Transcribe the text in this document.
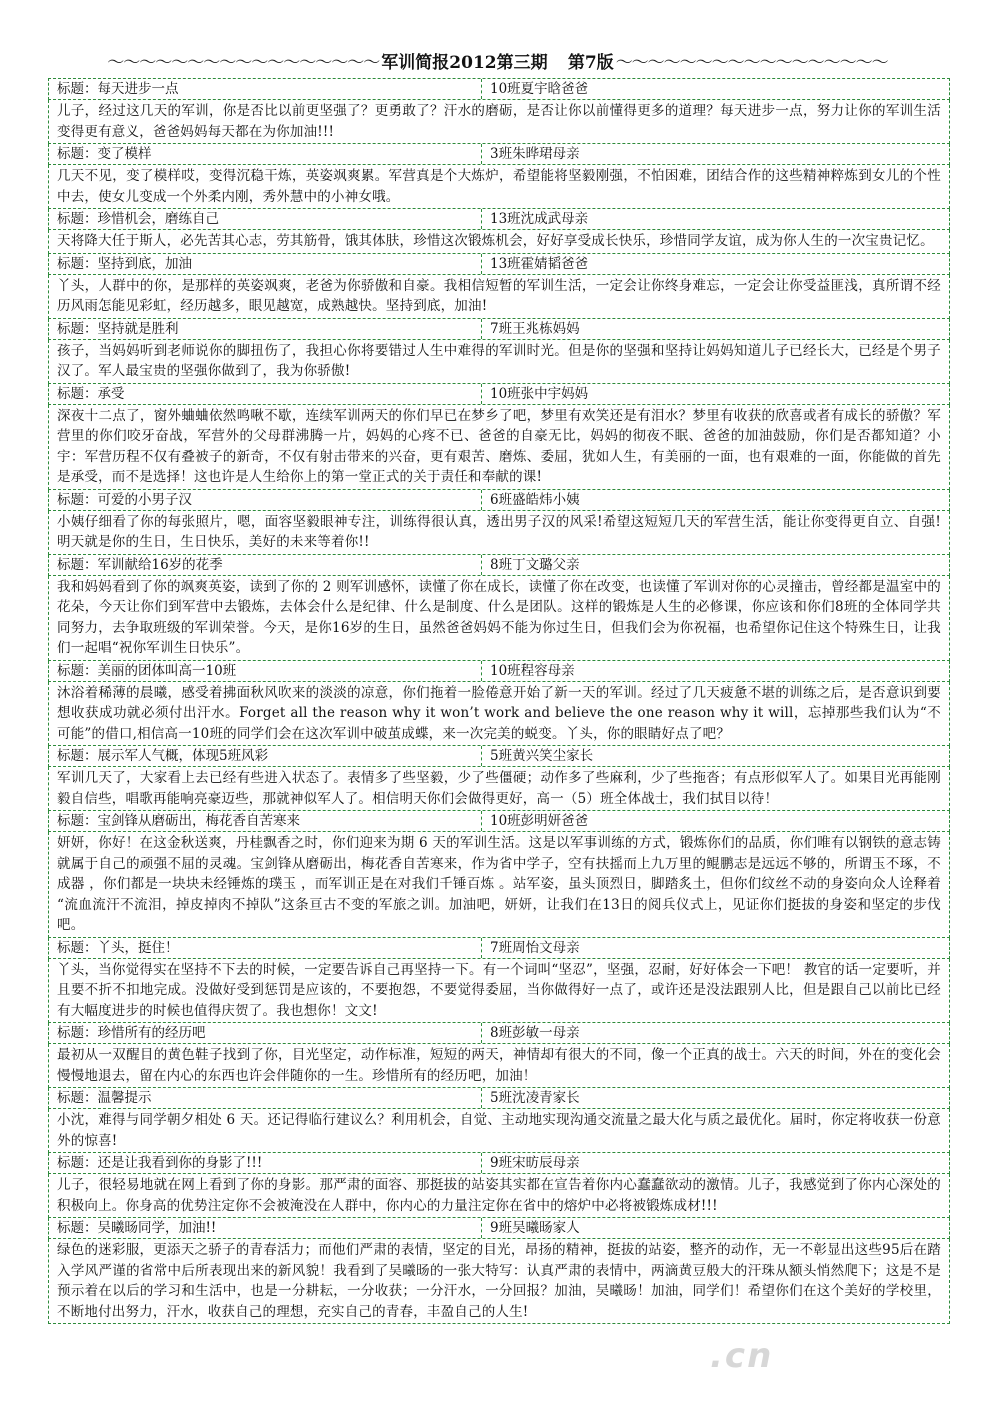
～～～～～～～～～～～～～～～～～ 军训简报2012第三期 第7版 ～～～～～～～～～～～～～～～～～
标题：每天进步一点	10班夏宇晗爸爸
儿子，经过这几天的军训，你是否比以前更坚强了？更勇敢了？汗水的磨砺，是否让你以前懂得更多的道理？每天进步一点，努力让你的军训生活变得更有意义，爸爸妈妈每天都在为你加油!!!
标题：变了模样	3班朱晔珺母亲
几天不见，变了模样哎，变得沉稳干炼，英姿飒爽累。军营真是个大炼炉，希望能将坚毅刚强，不怕困难，团结合作的这些精神粹炼到女儿的个性中去，使女儿变成一个外柔内刚，秀外慧中的小神女哦。
标题：珍惜机会，磨练自己	13班沈成武母亲
天将降大任于斯人，必先苦其心志，劳其筋骨，饿其体肤，珍惜这次锻炼机会，好好享受成长快乐，珍惜同学友谊，成为你人生的一次宝贵记忆。
标题：坚持到底，加油	13班霍婧韬爸爸
丫头，人群中的你，是那样的英姿飒爽，老爸为你骄傲和自豪。我相信短暂的军训生活，一定会让你终身难忘，一定会让你受益匪浅，真所谓不经历风雨怎能见彩虹，经历越多，眼见越宽，成熟越快。坚持到底，加油!
标题：坚持就是胜利	7班王兆栋妈妈
孩子，当妈妈听到老师说你的脚扭伤了，我担心你将要错过人生中难得的军训时光。但是你的坚强和坚持让妈妈知道儿子已经长大，已经是个男子汉了。军人最宝贵的坚强你做到了，我为你骄傲!
标题：承受	10班张中宇妈妈
深夜十二点了，窗外蛐蛐依然鸣啾不歇，连续军训两天的你们早已在梦乡了吧，梦里有欢笑还是有泪水？梦里有收获的欣喜或者有成长的骄傲？军营里的你们咬牙奋战，军营外的父母群沸腾一片，妈妈的心疼不已、爸爸的自豪无比，妈妈的彻夜不眠、爸爸的加油鼓励，你们是否都知道？小宇：军营历程不仅有叠被子的新奇，不仅有射击带来的兴奋，更有艰苦、磨炼、委屈，犹如人生，有美丽的一面，也有艰难的一面，你能做的首先是承受，而不是选择！这也许是人生给你上的第一堂正式的关于责任和奉献的课!
标题：可爱的小男子汉	6班盛皓炜小姨
小姨仔细看了你的每张照片，嗯，面容坚毅眼神专注，训练得很认真，透出男子汉的风采!希望这短短几天的军营生活，能让你变得更自立、自强!明天就是你的生日，生日快乐，美好的未来等着你!!
标题：军训献给16岁的花季	8班丁文璐父亲
我和妈妈看到了你的飒爽英姿，读到了你的 2 则军训感怀，读懂了你在成长，读懂了你在改变，也读懂了军训对你的心灵撞击，曾经都是温室中的花朵，今天让你们到军营中去锻炼，去体会什么是纪律、什么是制度、什么是团队。这样的锻炼是人生的必修课，你应该和你们8班的全体同学共同努力，去争取班级的军训荣誉。今天，是你16岁的生日，虽然爸爸妈妈不能为你过生日，但我们会为你祝福，也希望你记住这个特殊生日，让我们一起唱“祝你军训生日快乐”。
标题：美丽的团体叫高一10班	10班程容母亲
沐浴着稀薄的晨曦，感受着拂面秋风吹来的淡淡的凉意，你们拖着一脸倦意开始了新一天的军训。经过了几天疲惫不堪的训练之后，是否意识到要想收获成功就必须付出汗水。Forget all the reason why it won’t work and believe the one reason why it will，忘掉那些我们认为“不可能”的借口,相信高一10班的同学们会在这次军训中破茧成蝶，来一次完美的蜕变。丫头，你的眼睛好点了吧？
标题：展示军人气概，体现5班风彩	5班黄兴笑尘家长
军训几天了，大家看上去已经有些进入状态了。表情多了些坚毅，少了些僵硬；动作多了些麻利，少了些拖沓；有点形似军人了。如果目光再能刚毅自信些，唱歌再能响亮豪迈些，那就神似军人了。相信明天你们会做得更好，高一（5）班全体战士，我们拭目以待！
标题：宝剑锋从磨砺出，梅花香自苦寒来	10班彭明妍爸爸
妍妍，你好！在这金秋送爽，丹桂飘香之时，你们迎来为期 6 天的军训生活。这是以军事训练的方式，锻炼你们的品质，你们唯有以钢铁的意志铸就属于自己的顽强不屈的灵魂。宝剑锋从磨砺出，梅花香自苦寒来，作为省中学子，空有扶摇而上九万里的鲲鹏志是远远不够的，所谓玉不琢，不成器 ，你们都是一块块未经锤炼的璞玉 ，而军训正是在对我们千锤百炼 。站军姿，虽头顶烈日，脚踏炙土，但你们纹丝不动的身姿向众人诠释着 “流血流汗不流泪，掉皮掉肉不掉队”这条亘古不变的军旅之训。加油吧，妍妍，让我们在13日的阅兵仪式上，见证你们挺拔的身姿和坚定的步伐吧。
标题：丫头，挺住！	7班周怡文母亲
丫头，当你觉得实在坚持不下去的时候，一定要告诉自己再坚持一下。有一个词叫“坚忍”，坚强，忍耐，好好体会一下吧！ 教官的话一定要听，并且要不折不扣地完成。没做好受到惩罚是应该的，不要抱怨，不要觉得委屈，当你做得好一点了，或许还是没法跟别人比，但是跟自己以前比已经有大幅度进步的时候也值得庆贺了。我也想你！文文!
标题：珍惜所有的经历吧	8班彭敏一母亲
最初从一双醒目的黄色鞋子找到了你，目光坚定，动作标准，短短的两天，神情却有很大的不同，像一个正真的战士。六天的时间，外在的变化会慢慢地退去，留在内心的东西也许会伴随你的一生。珍惜所有的经历吧，加油！
标题：温馨提示	5班沈凌青家长
小沈，难得与同学朝夕相处 6 天。还记得临行建议么？利用机会，自觉、主动地实现沟通交流量之最大化与质之最优化。届时，你定将收获一份意外的惊喜!
标题：还是让我看到你的身影了!!!	9班宋昉辰母亲
儿子，很轻易地就在网上看到了你的身影。那严肃的面容、那挺拔的站姿其实都在宣告着你内心蠢蠢欲动的激情。儿子，我感觉到了你内心深处的积极向上。你身高的优势注定你不会被淹没在人群中，你内心的力量注定你在省中的熔炉中必将被锻炼成材!!!
标题：吴曦旸同学，加油!!	9班吴曦旸家人
绿色的迷彩服，更添天之骄子的青春活力；而他们严肃的表情，坚定的目光，昂扬的精神，挺拔的站姿，整齐的动作，无一不彰显出这些95后在踏入学风严谨的省常中后所表现出来的新风貌！我看到了吴曦旸的一张大特写：认真严肃的表情中，两滴黄豆般大的汗珠从额头悄然爬下；这是不是预示着在以后的学习和生活中，也是一分耕耘，一分收获；一分汗水，一分回报？加油，吴曦旸！加油，同学们！希望你们在这个美好的学校里，不断地付出努力，汗水，收获自己的理想，充实自己的青春，丰盈自己的人生!
.cn
